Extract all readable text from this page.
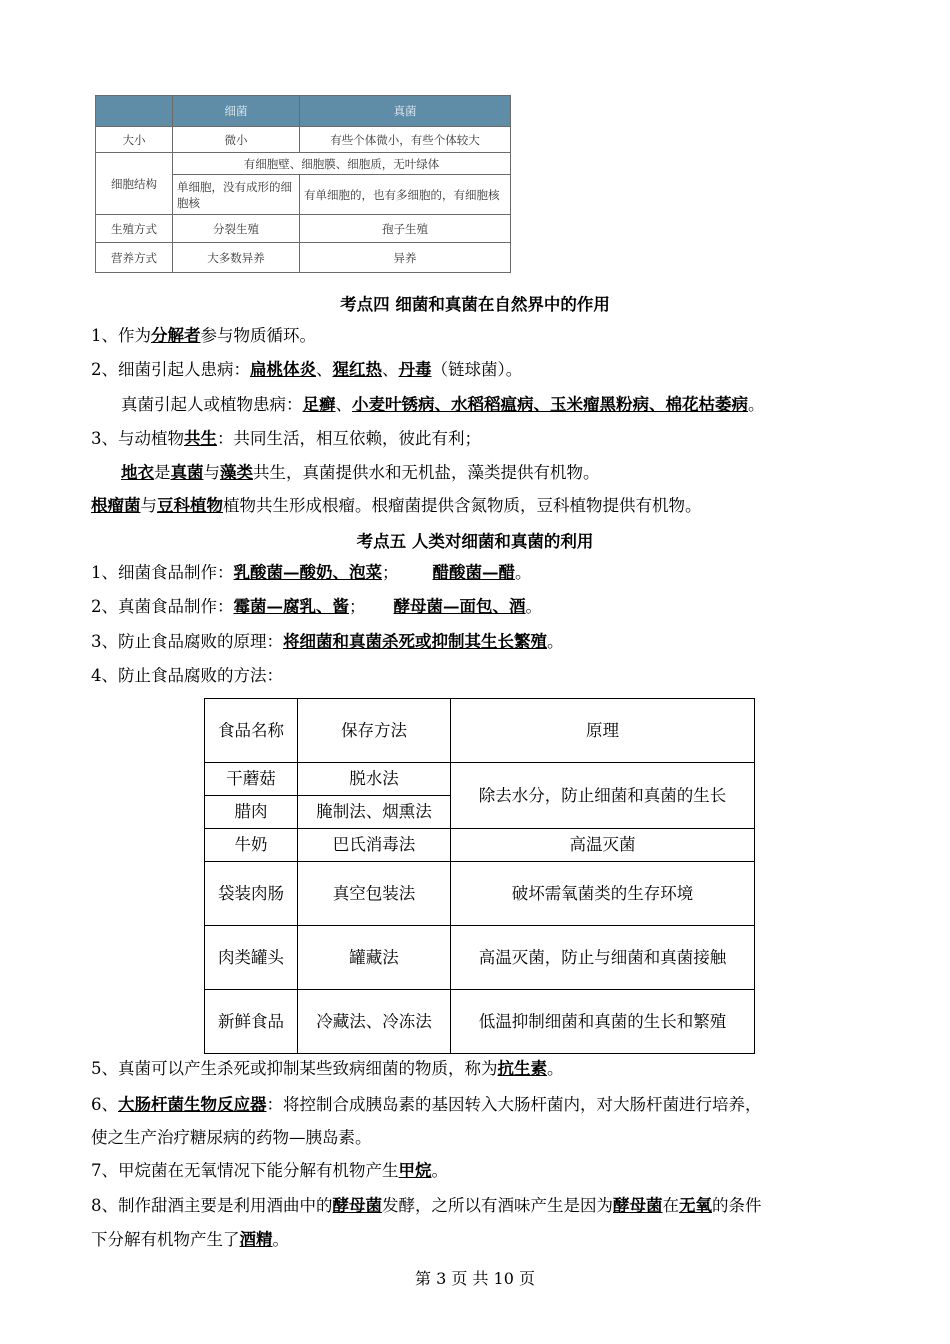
	细菌	真菌
大小	微小	有些个体微小，有些个体较大
细胞结构	有细胞壁、细胞膜、细胞质，无叶绿体	
	单细胞，没有成形的细胞核	有单细胞的，也有多细胞的，有细胞核
生殖方式	分裂生殖	孢子生殖
营养方式	大多数异养	异养
考点四 细菌和真菌在自然界中的作用
1、作为分解者参与物质循环。
2、细菌引起人患病：扁桃体炎、猩红热、丹毒（链球菌）。
真菌引起人或植物患病：足癣、小麦叶锈病、水稻稻瘟病、玉米瘤黑粉病、棉花枯萎病。
3、与动植物共生：共同生活，相互依赖，彼此有利；
地衣是真菌与藻类共生，真菌提供水和无机盐，藻类提供有机物。
根瘤菌与豆科植物植物共生形成根瘤。根瘤菌提供含氮物质，豆科植物提供有机物。
考点五 人类对细菌和真菌的利用
1、细菌食品制作：乳酸菌—酸奶、泡菜； 醋酸菌—醋。
2、真菌食品制作：霉菌—腐乳、酱； 酵母菌—面包、酒。
3、防止食品腐败的原理：将细菌和真菌杀死或抑制其生长繁殖。
4、防止食品腐败的方法：
食品名称	保存方法	原理
干蘑菇	脱水法	除去水分，防止细菌和真菌的生长
腊肉	腌制法、烟熏法	
牛奶	巴氏消毒法	高温灭菌
袋装肉肠	真空包装法	破坏需氧菌类的生存环境
肉类罐头	罐藏法	高温灭菌，防止与细菌和真菌接触
新鲜食品	冷藏法、冷冻法	低温抑制细菌和真菌的生长和繁殖
5、真菌可以产生杀死或抑制某些致病细菌的物质，称为抗生素。
6、大肠杆菌生物反应器：将控制合成胰岛素的基因转入大肠杆菌内，对大肠杆菌进行培养，
使之生产治疗糖尿病的药物—胰岛素。
7、甲烷菌在无氧情况下能分解有机物产生甲烷。
8、制作甜酒主要是利用酒曲中的酵母菌发酵，之所以有酒味产生是因为酵母菌在无氧的条件
下分解有机物产生了酒精。
第 3 页 共 10 页
